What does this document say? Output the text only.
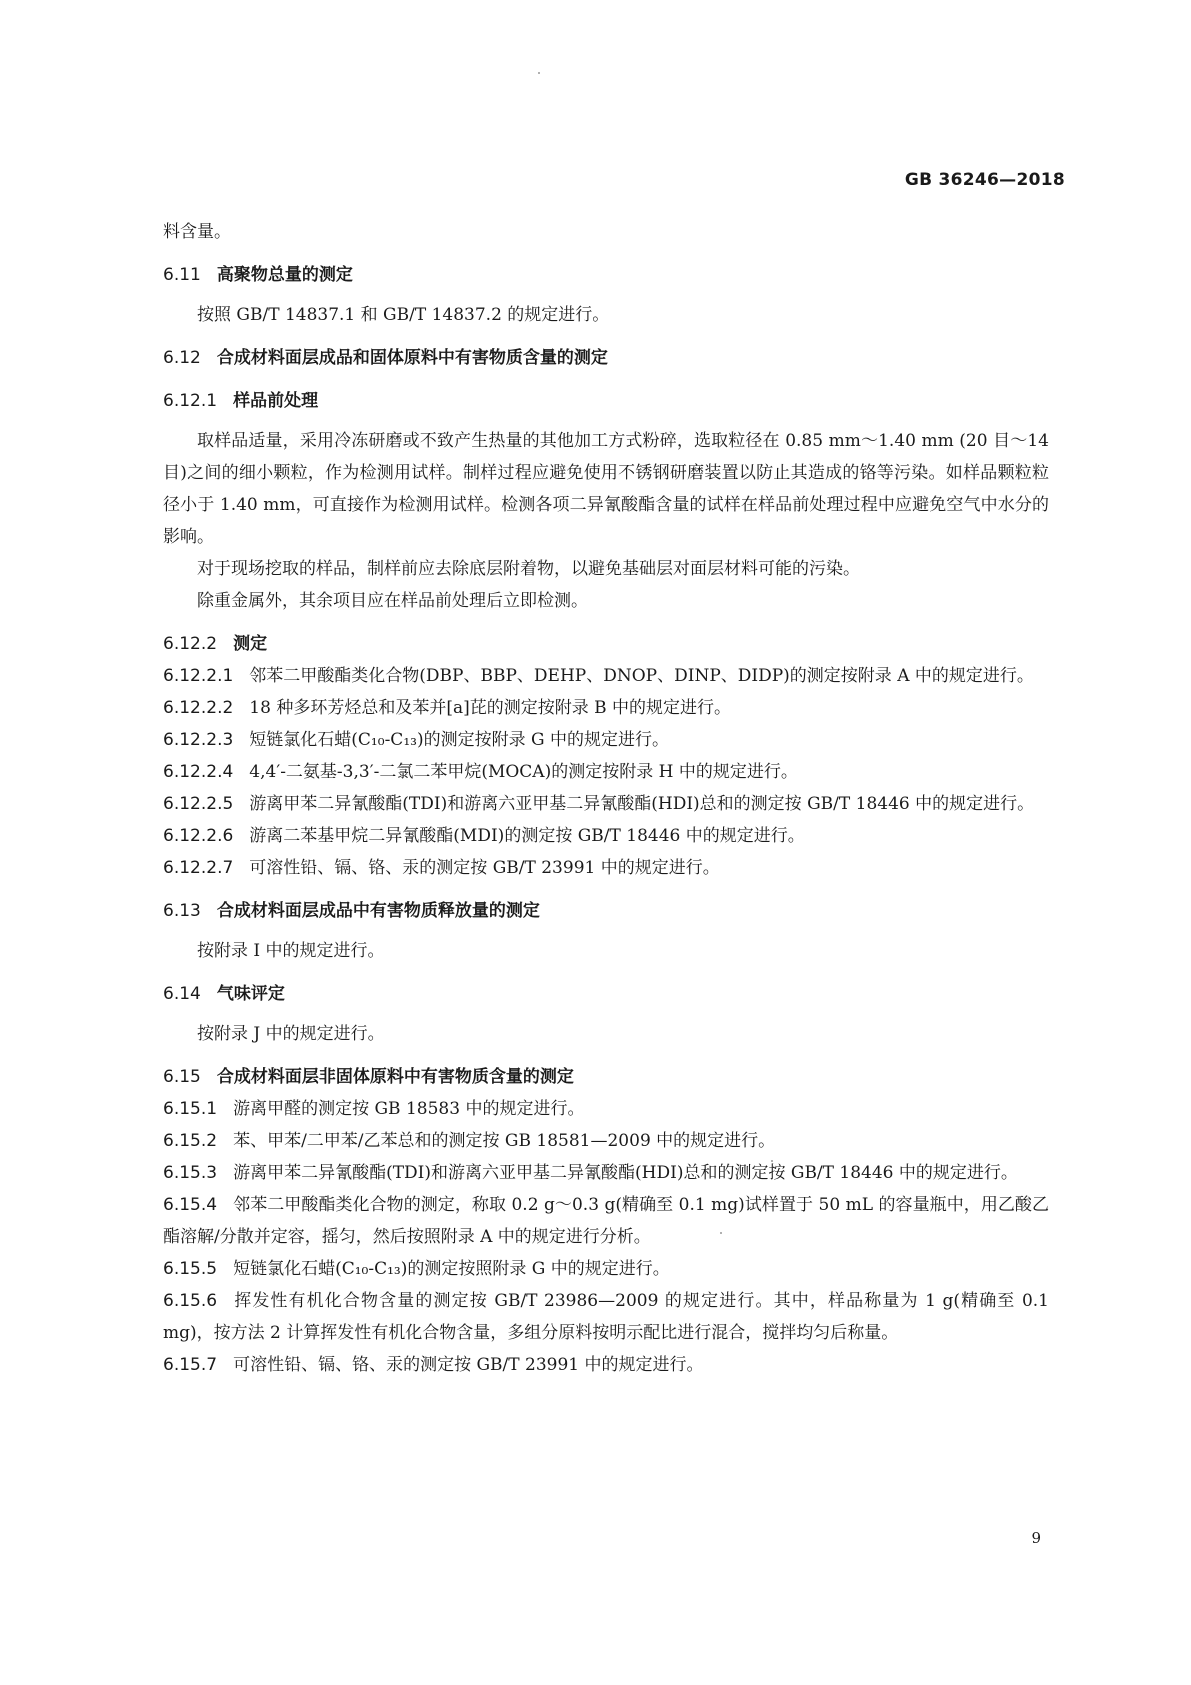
GB 36246—2018
料含量。
6.11 高聚物总量的测定
按照 GB/T 14837.1 和 GB/T 14837.2 的规定进行。
6.12 合成材料面层成品和固体原料中有害物质含量的测定
6.12.1 样品前处理
取样品适量，采用冷冻研磨或不致产生热量的其他加工方式粉碎，选取粒径在 0.85 mm～1.40 mm (20 目～14 目)之间的细小颗粒，作为检测用试样。制样过程应避免使用不锈钢研磨装置以防止其造成的铬等污染。如样品颗粒粒径小于 1.40 mm，可直接作为检测用试样。检测各项二异氰酸酯含量的试样在样品前处理过程中应避免空气中水分的影响。
对于现场挖取的样品，制样前应去除底层附着物，以避免基础层对面层材料可能的污染。
除重金属外，其余项目应在样品前处理后立即检测。
6.12.2 测定
6.12.2.1 邻苯二甲酸酯类化合物(DBP、BBP、DEHP、DNOP、DINP、DIDP)的测定按附录 A 中的规定进行。
6.12.2.2 18 种多环芳烃总和及苯并[a]芘的测定按附录 B 中的规定进行。
6.12.2.3 短链氯化石蜡(C₁₀-C₁₃)的测定按附录 G 中的规定进行。
6.12.2.4 4,4′-二氨基-3,3′-二氯二苯甲烷(MOCA)的测定按附录 H 中的规定进行。
6.12.2.5 游离甲苯二异氰酸酯(TDI)和游离六亚甲基二异氰酸酯(HDI)总和的测定按 GB/T 18446 中的规定进行。
6.12.2.6 游离二苯基甲烷二异氰酸酯(MDI)的测定按 GB/T 18446 中的规定进行。
6.12.2.7 可溶性铅、镉、铬、汞的测定按 GB/T 23991 中的规定进行。
6.13 合成材料面层成品中有害物质释放量的测定
按附录 I 中的规定进行。
6.14 气味评定
按附录 J 中的规定进行。
6.15 合成材料面层非固体原料中有害物质含量的测定
6.15.1 游离甲醛的测定按 GB 18583 中的规定进行。
6.15.2 苯、甲苯/二甲苯/乙苯总和的测定按 GB 18581—2009 中的规定进行。
6.15.3 游离甲苯二异氰酸酯(TDI)和游离六亚甲基二异氰酸酯(HDI)总和的测定按 GB/T 18446 中的规定进行。
6.15.4 邻苯二甲酸酯类化合物的测定，称取 0.2 g～0.3 g(精确至 0.1 mg)试样置于 50 mL 的容量瓶中，用乙酸乙酯溶解/分散并定容，摇匀，然后按照附录 A 中的规定进行分析。
6.15.5 短链氯化石蜡(C₁₀-C₁₃)的测定按照附录 G 中的规定进行。
6.15.6 挥发性有机化合物含量的测定按 GB/T 23986—2009 的规定进行。其中，样品称量为 1 g(精确至 0.1 mg)，按方法 2 计算挥发性有机化合物含量，多组分原料按明示配比进行混合，搅拌均匀后称量。
6.15.7 可溶性铅、镉、铬、汞的测定按 GB/T 23991 中的规定进行。
9
